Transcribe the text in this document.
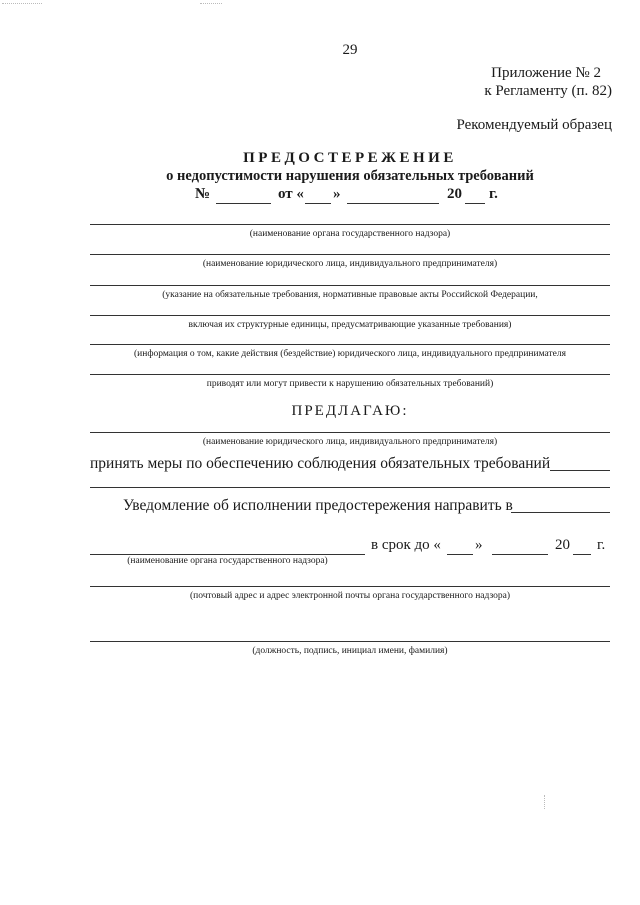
29
Приложение № 2
к Регламенту (п. 82)
Рекомендуемый образец
ПРЕДОСТЕРЕЖЕНИЕ
о недопустимости нарушения обязательных требований
№	от « »	20 г.
(наименование органа государственного надзора)
(наименование юридического лица, индивидуального предпринимателя)
(указание на обязательные требования, нормативные правовые акты Российской Федерации,
включая их структурные единицы, предусматривающие указанные требования)
(информация о том, какие действия (бездействие) юридического лица, индивидуального предпринимателя
приводят или могут привести к нарушению обязательных требований)
ПРЕДЛАГАЮ:
(наименование юридического лица, индивидуального предпринимателя)
принять меры по обеспечению соблюдения обязательных требований
Уведомление об исполнении предостережения направить в
в срок до « »	20 г.
(наименование органа государственного надзора)
(почтовый адрес и адрес электронной почты органа государственного надзора)
(должность, подпись, инициал имени, фамилия)
